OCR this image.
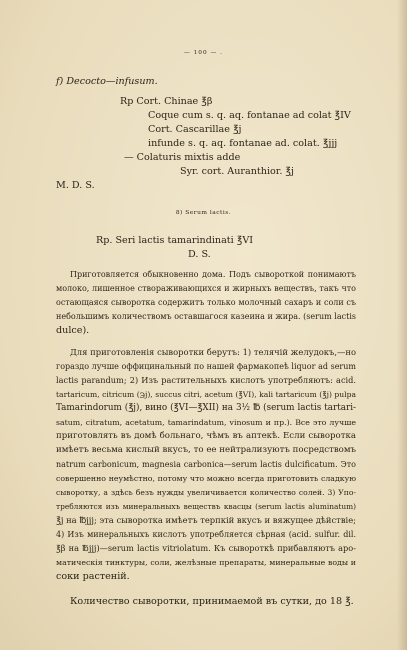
— 100 — .
f) Decocto—infusum.
Rp Cort. Chinae ℥β
Coque cum s. q. aq. fontanae ad colat ℥IV
Cort. Cascarillae ℥j
infunde s. q. aq. fontanae ad. colat. ℥jjj
— Colaturis mixtis adde
Syr. cort. Auranthior. ℥j
M. D. S.
8) Serum lactis.
Rp. Seri lactis tamarindinati ℥VI
D. S.
Приготовляется обыкновенно дома. Подъ сывороткой понимаютъ
молоко, лишенное створаживающихся и жирныхъ веществъ, такъ что
остающаяся сыворотка содержитъ только молочный сахаръ и соли съ
небольшимъ количествомъ оставшагося казеина и жира. (serum lactis
dulce).
Для приготовленія сыворотки берутъ: 1) телячій желудокъ,—но
гораздо лучше оффицинальный по нашей фармакопеѣ liquor ad serum
lactis parandum; 2) Изъ растительныхъ кислотъ употребляютъ: acid.
tartaricum, citricum (℈j), succus citri, acetum (℥VI), kali tartaricum (℥j) pulpa
Tamarindorum (℥j), вино (℥VI—℥XII) на 3½ ℔ (serum lactis tartari-
satum, citratum, acetatum, tamarindatum, vinosum и пр.). Все это лучше
приготовлять въ домѣ больнаго, чѣмъ въ аптекѣ. Если сыворотка
имѣетъ весьма кислый вкусъ, то ее нейтрализуютъ посредствомъ
natrum carbonicum, magnesia carbonica—serum lactis dulcificatum. Это
совершенно неумѣстно, потому что можно всегда приготовить сладкую
сыворотку, а здѣсь безъ нужды увеличивается количество солей. 3) Упо-
требляются изъ минеральныхъ веществъ квасцы (serum lactis aluminatum)
℥j на ℔jjj; эта сыворотка имѣетъ терпкій вкусъ и вяжущее дѣйствіе;
4) Изъ минеральныхъ кислотъ употребляется сѣрная (acid. sulfur. dil.
℥β на ℔jjj)—serum lactis vitriolatum. Къ сывороткѣ прибавляютъ аро-
матическія тинктуры, соли, желѣзные препараты, минеральные воды и
соки растеній.
Количество сыворотки, принимаемой въ сутки, до 18 ℥.
